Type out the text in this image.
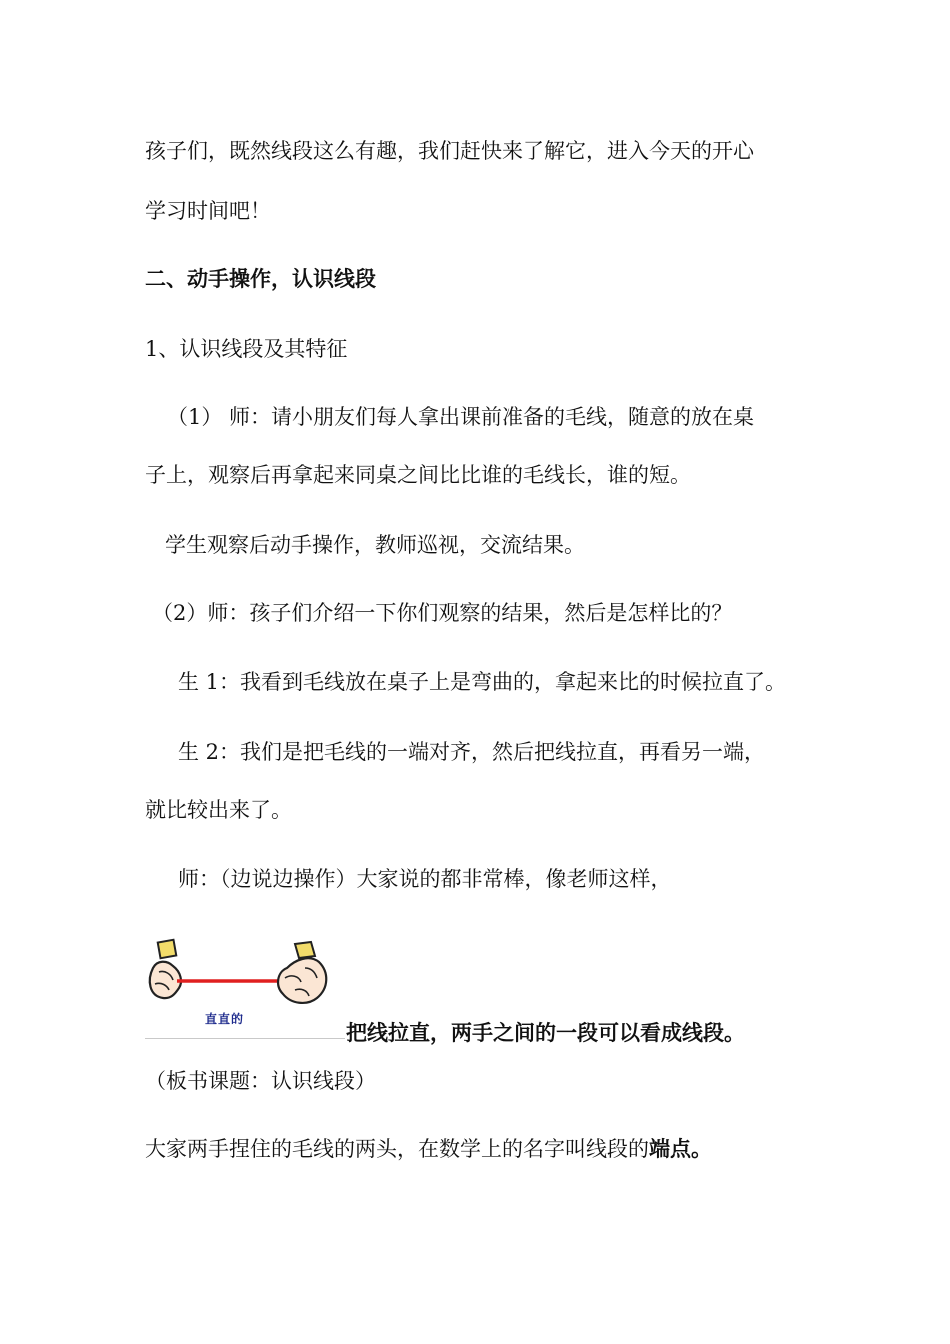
孩子们，既然线段这么有趣，我们赶快来了解它，进入今天的开心
学习时间吧！
二、动手操作，认识线段
1、认识线段及其特征
（1） 师：请小朋友们每人拿出课前准备的毛线，随意的放在桌
子上，观察后再拿起来同桌之间比比谁的毛线长，谁的短。
学生观察后动手操作，教师巡视，交流结果。
（2）师：孩子们介绍一下你们观察的结果，然后是怎样比的？
生 1：我看到毛线放在桌子上是弯曲的，拿起来比的时候拉直了。
生 2：我们是把毛线的一端对齐，然后把线拉直，再看另一端，
就比较出来了。
师：（边说边操作）大家说的都非常棒，像老师这样，
直直的
把线拉直，两手之间的一段可以看成线段。
（板书课题：认识线段）
大家两手捏住的毛线的两头，在数学上的名字叫线段的端点。
